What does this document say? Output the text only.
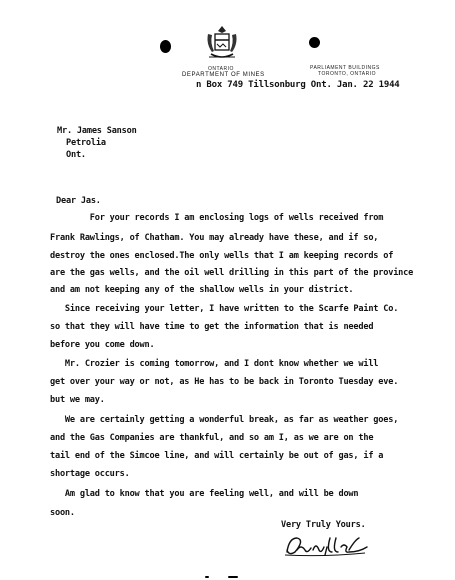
ONTARIO
DEPARTMENT OF MINES
PARLIAMENT BUILDINGS
TORONTO, ONTARIO
n Box 749 Tillsonburg Ont. Jan. 22 1944
Mr. James Sanson
Petrolia
Ont.
Dear Jas.
For your records I am enclosing logs of wells received from
Frank Rawlings, of Chatham. You may already have these, and if so,
destroy the ones enclosed.The only wells that I am keeping records of
are the gas wells, and the oil well drilling in this part of the province
and am not keeping any of the shallow wells in your district.
Since receiving your letter, I have written to the Scarfe Paint Co.
so that they will have time to get the information that is needed
before you come down.
Mr. Crozier is coming tomorrow, and I dont know whether we will
get over your way or not, as He has to be back in Toronto Tuesday eve.
but we may.
We are certainly getting a wonderful break, as far as weather goes,
and the Gas Companies are thankful, and so am I, as we are on the
tail end of the Simcoe line, and will certainly be out of gas, if a
shortage occurs.
Am glad to know that you are feeling well, and will be down
soon.
Very Truly Yours.
